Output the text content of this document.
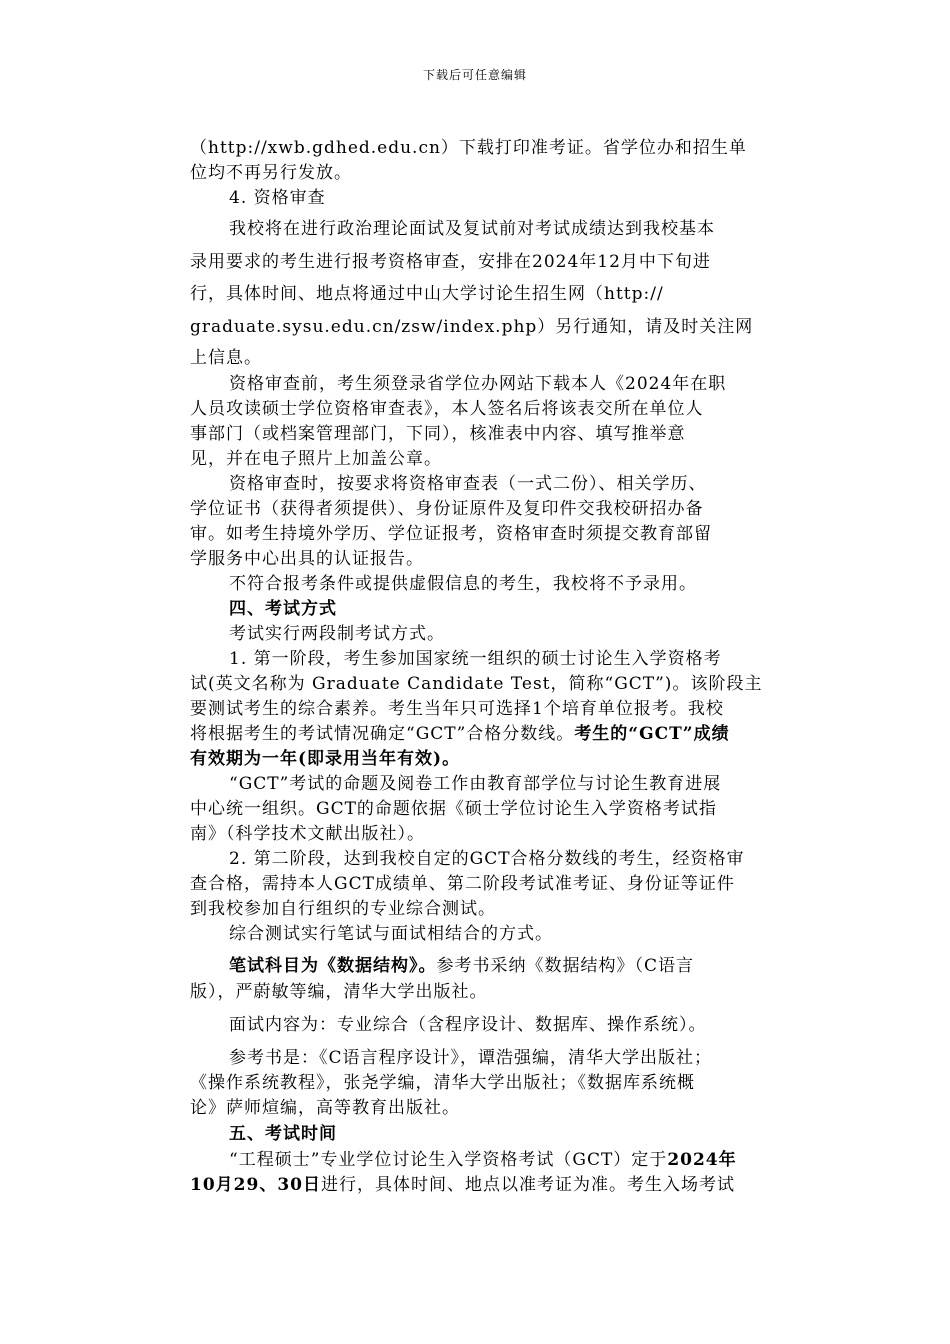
下载后可任意编辑
（http://xwb.gdhed.edu.cn）下载打印准考证。省学位办和招生单
位均不再另行发放。
4. 资格审查
我校将在进行政治理论面试及复试前对考试成绩达到我校基本
录用要求的考生进行报考资格审查，安排在2024年12月中下旬进
行，具体时间、地点将通过中山大学讨论生招生网（http://
graduate.sysu.edu.cn/zsw/index.php）另行通知，请及时关注网
上信息。
资格审查前，考生须登录省学位办网站下载本人《2024年在职
人员攻读硕士学位资格审查表》，本人签名后将该表交所在单位人
事部门（或档案管理部门，下同），核准表中内容、填写推举意
见，并在电子照片上加盖公章。
资格审查时，按要求将资格审查表（一式二份）、相关学历、
学位证书（获得者须提供）、身份证原件及复印件交我校研招办备
审。如考生持境外学历、学位证报考，资格审查时须提交教育部留
学服务中心出具的认证报告。
不符合报考条件或提供虚假信息的考生，我校将不予录用。
四、考试方式
考试实行两段制考试方式。
1. 第一阶段，考生参加国家统一组织的硕士讨论生入学资格考
试(英文名称为 Graduate Candidate Test，简称“GCT”)。该阶段主
要测试考生的综合素养。考生当年只可选择1个培育单位报考。我校
将根据考生的考试情况确定“GCT”合格分数线。考生的“GCT”成绩
有效期为一年(即录用当年有效)。
“GCT”考试的命题及阅卷工作由教育部学位与讨论生教育进展
中心统一组织。GCT的命题依据《硕士学位讨论生入学资格考试指
南》（科学技术文献出版社）。
2. 第二阶段，达到我校自定的GCT合格分数线的考生，经资格审
查合格，需持本人GCT成绩单、第二阶段考试准考证、身份证等证件
到我校参加自行组织的专业综合测试。
综合测试实行笔试与面试相结合的方式。
笔试科目为《数据结构》。参考书采纳《数据结构》（C语言
版），严蔚敏等编，清华大学出版社。
面试内容为：专业综合（含程序设计、数据库、操作系统）。
参考书是：《C语言程序设计》，谭浩强编，清华大学出版社；
《操作系统教程》，张尧学编，清华大学出版社；《数据库系统概
论》萨师煊编，高等教育出版社。
五、考试时间
“工程硕士”专业学位讨论生入学资格考试（GCT）定于2024年
10月29、30日进行，具体时间、地点以准考证为准。考生入场考试
